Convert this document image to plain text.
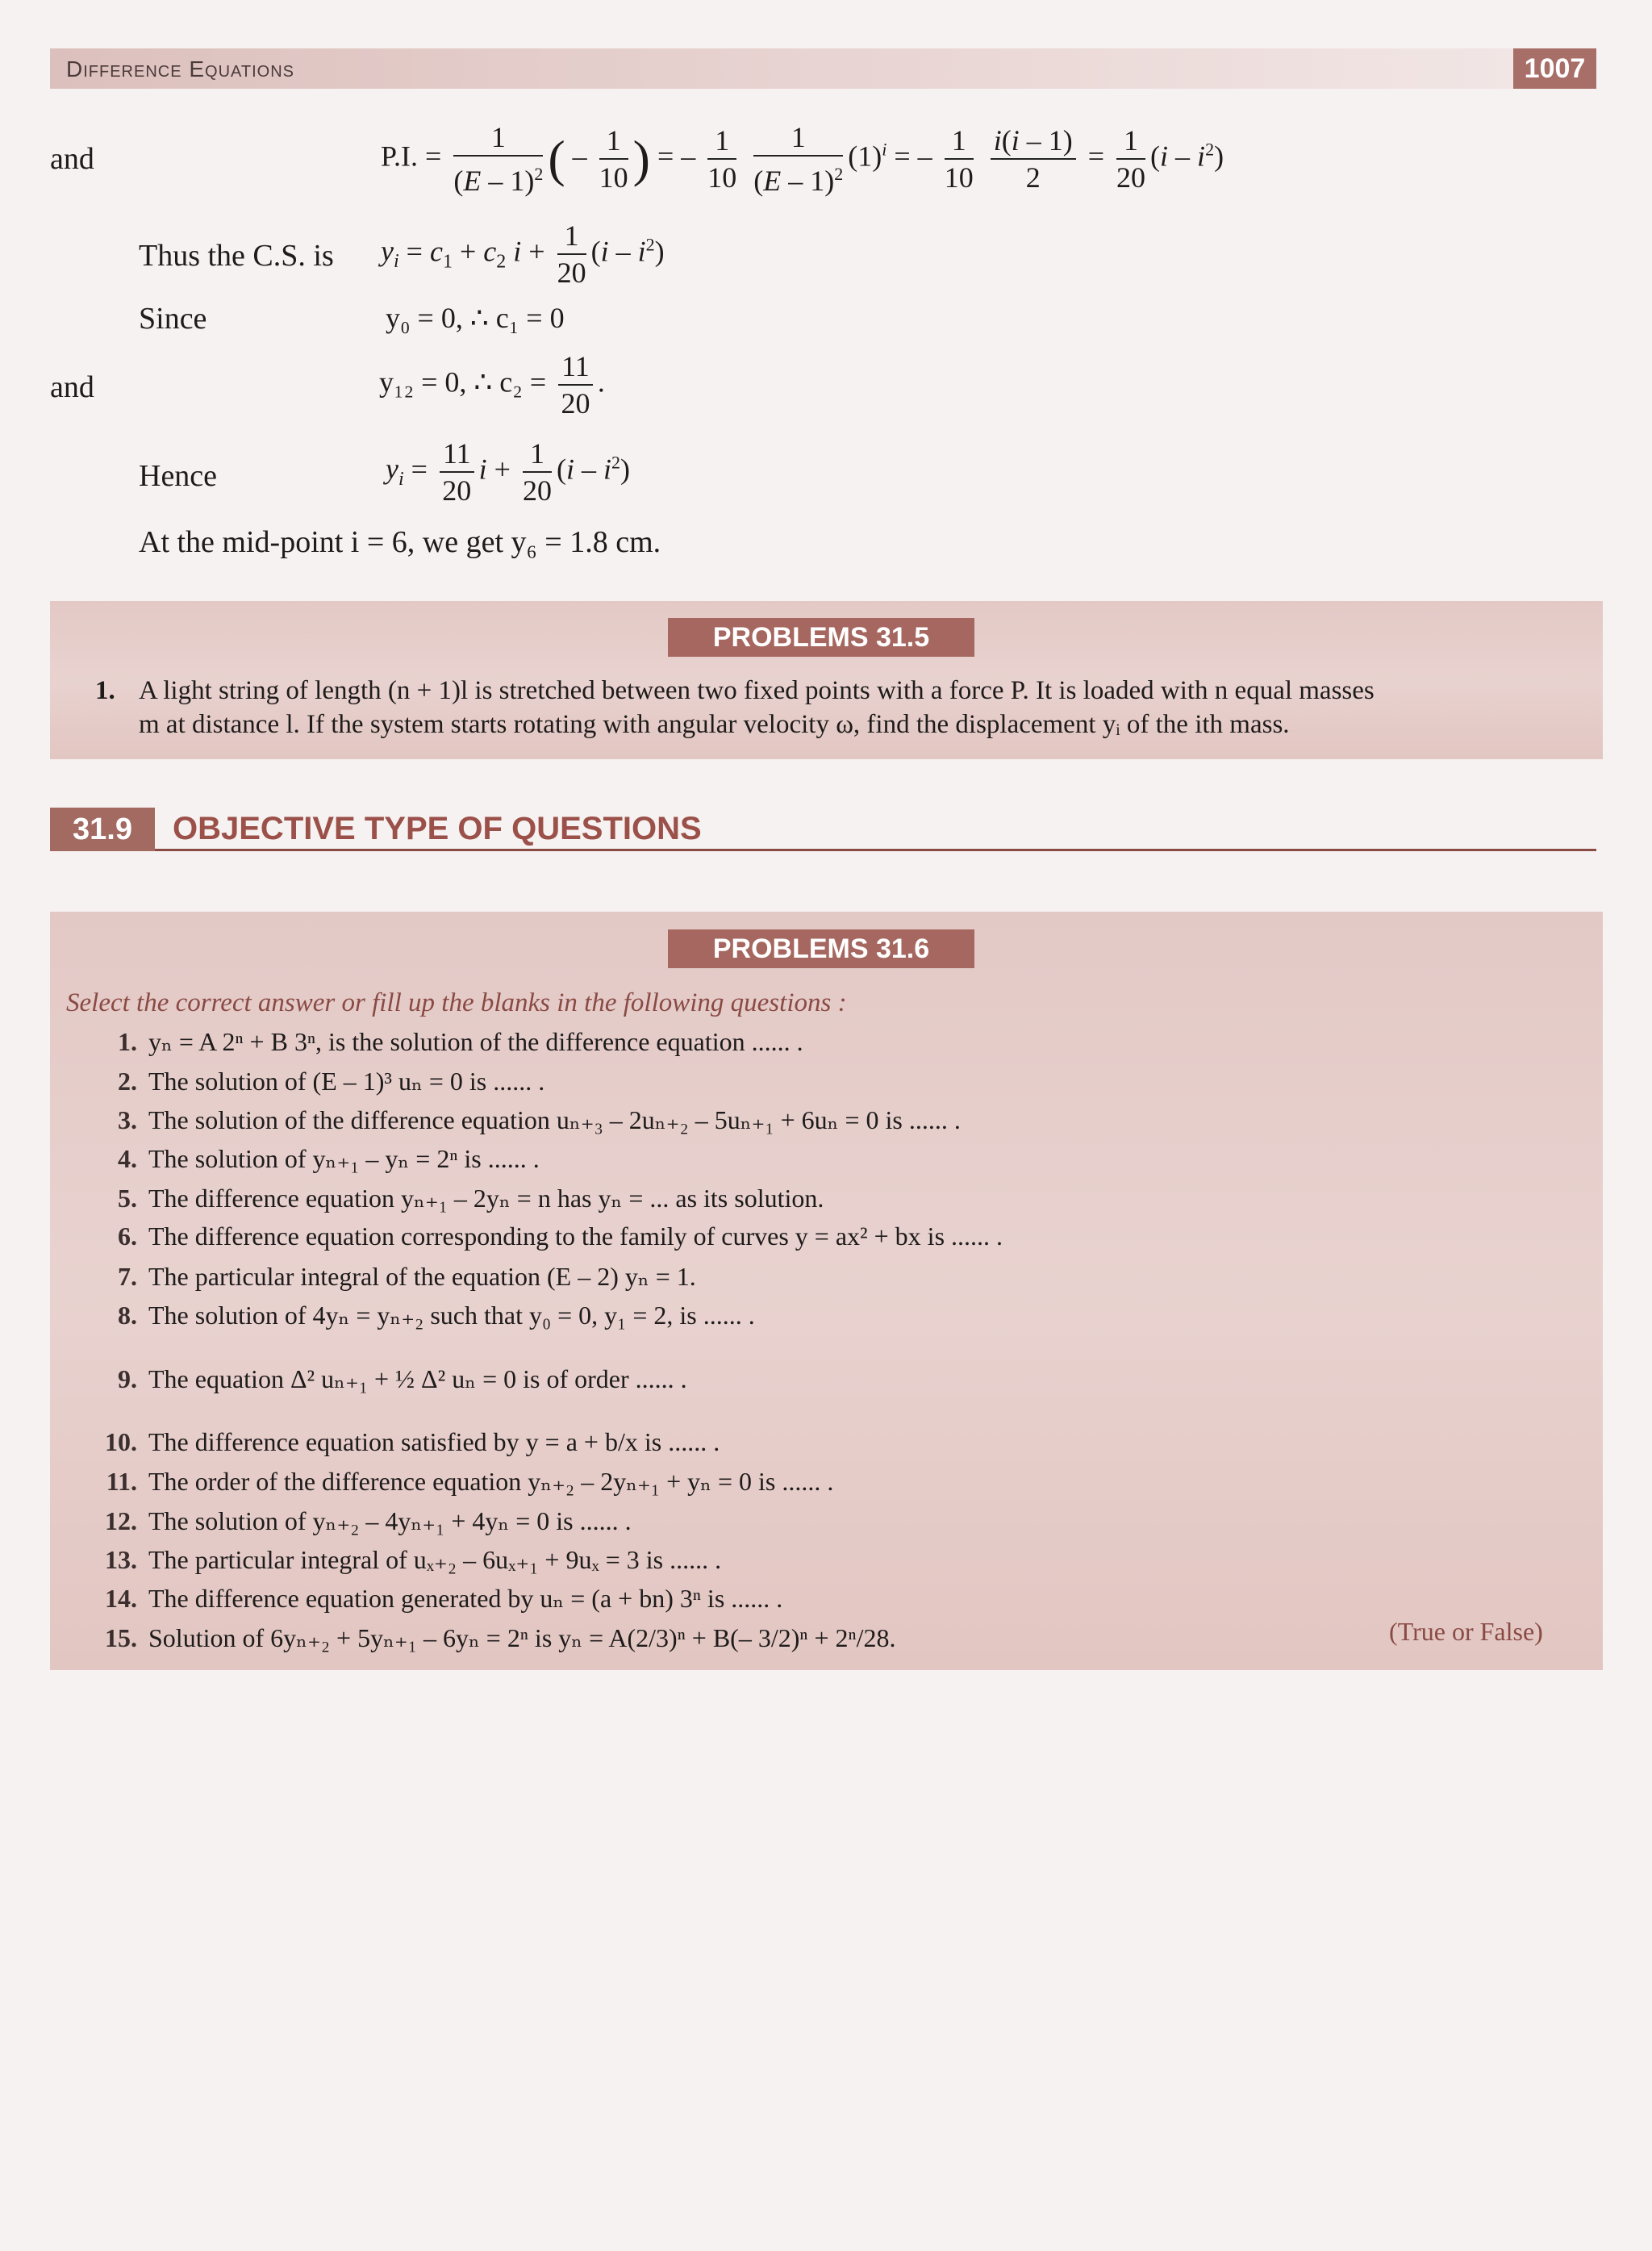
Difference Equations	1007
and	P.I. = $\frac{1}{(E - 1)^2}$ ( – $\frac{1}{10}$ ) = – $\frac{1}{10}$
$\frac{1}{(E - 1)^2} (1)^i$ = – $\frac{1}{10}$
$\frac{i(i - 1)}{2} = \frac{1}{20} (i - i^2)$
Thus the C.S. is $y_i = c_1 + c_2$ $i + \frac{1}{20} (i - i^2)$
Since	y₀ = 0, ∴ c₁ = 0
and	y₁₂ = 0, ∴ $c_2 = \frac{11}{20}$ .
Hence	$y_i = \frac{11}{20}$ $i + \frac{1}{20} (i - i^2)$
At the mid-point i = 6, we get y₆ = 1.8 cm.
PROBLEMS 31.5
1. A light string of length (n + 1)l is stretched between two fixed points with a force P. It is loaded with n equal masses
m at distance l. If the system starts rotating with angular velocity ω, find the displacement yᵢ of the ith mass.
31.9	OBJECTIVE TYPE OF QUESTIONS
PROBLEMS 31.6
Select the correct answer or fill up the blanks in the following questions :
1. yₙ = A 2ⁿ + B 3ⁿ, is the solution of the difference equation ...... .
2. The solution of (E – 1)³ uₙ = 0 is ...... .
3. The solution of the difference equation uₙ₊₃ – 2uₙ₊₂ – 5uₙ₊₁ + 6uₙ = 0 is ...... .
4. The solution of yₙ₊₁ – yₙ = 2ⁿ is ...... .
5. The difference equation yₙ₊₁ – 2yₙ = n has yₙ = ... as its solution.
6. The difference equation corresponding to the family of curves y = ax² + bx is ...... .
7. The particular integral of the equation (E – 2) yₙ = 1.
8. The solution of 4yₙ = yₙ₊₂ such that y₀ = 0, y₁ = 2, is ...... .
9. The equation Δ² uₙ₊₁ + ½ Δ² uₙ = 0 is of order ...... .
10. The difference equation satisfied by y = a + b/x is ...... .
11. The order of the difference equation yₙ₊₂ – 2yₙ₊₁ + yₙ = 0 is ...... .
12. The solution of yₙ₊₂ – 4yₙ₊₁ + 4yₙ = 0 is ...... .
13. The particular integral of uₓ₊₂ – 6uₓ₊₁ + 9uₓ = 3 is ...... .
14. The difference equation generated by uₙ = (a + bn) 3ⁿ is ...... .
15. Solution of 6yₙ₊₂ + 5yₙ₊₁ – 6yₙ = 2ⁿ is yₙ = A(2/3)ⁿ + B(– 3/2)ⁿ + 2ⁿ/28.	(True or False)
